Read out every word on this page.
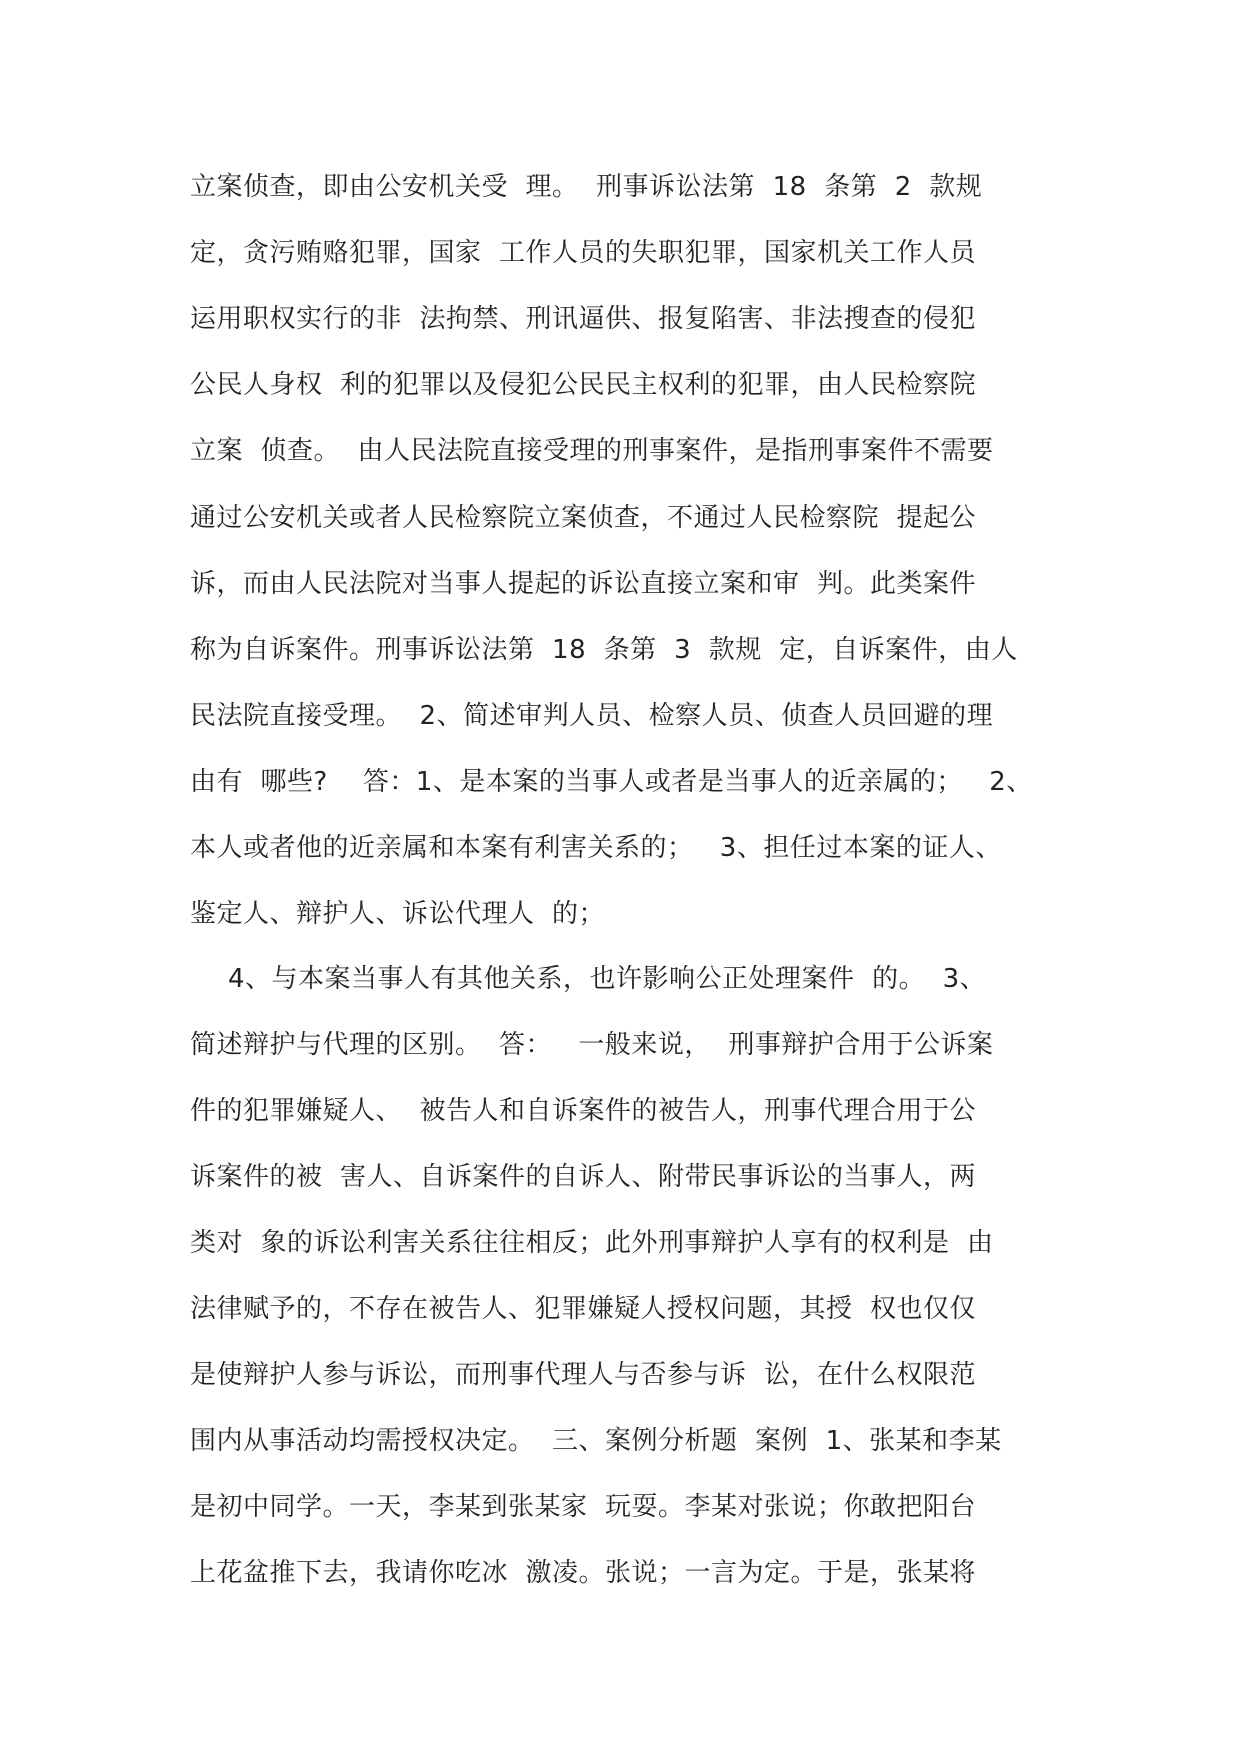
立案侦查，即由公安机关受  理。  刑事诉讼法第  18  条第  2  款规
定，贪污贿赂犯罪，国家  工作人员的失职犯罪，国家机关工作人员
运用职权实行的非  法拘禁、刑讯逼供、报复陷害、非法搜查的侵犯
公民人身权  利的犯罪以及侵犯公民民主权利的犯罪，由人民检察院
立案  侦查。  由人民法院直接受理的刑事案件，是指刑事案件不需要
通过公安机关或者人民检察院立案侦查，不通过人民检察院  提起公
诉，而由人民法院对当事人提起的诉讼直接立案和审  判。此类案件
称为自诉案件。刑事诉讼法第  18  条第  3  款规  定，自诉案件，由人
民法院直接受理。  2、简述审判人员、检察人员、侦查人员回避的理
由有  哪些?    答：1、是本案的当事人或者是当事人的近亲属的；   2、
本人或者他的近亲属和本案有利害关系的；   3、担任过本案的证人、
鉴定人、辩护人、诉讼代理人  的；
4、与本案当事人有其他关系，也许影响公正处理案件  的。  3、
简述辩护与代理的区别。  答：   一般来说，  刑事辩护合用于公诉案
件的犯罪嫌疑人、  被告人和自诉案件的被告人，刑事代理合用于公
诉案件的被  害人、自诉案件的自诉人、附带民事诉讼的当事人，两
类对  象的诉讼利害关系往往相反；此外刑事辩护人享有的权利是  由
法律赋予的，不存在被告人、犯罪嫌疑人授权问题，其授  权也仅仅
是使辩护人参与诉讼，而刑事代理人与否参与诉  讼，在什么权限范
围内从事活动均需授权决定。  三、案例分析题  案例  1、张某和李某
是初中同学。一天，李某到张某家  玩耍。李某对张说；你敢把阳台
上花盆推下去，我请你吃冰  激凌。张说；一言为定。于是，张某将
